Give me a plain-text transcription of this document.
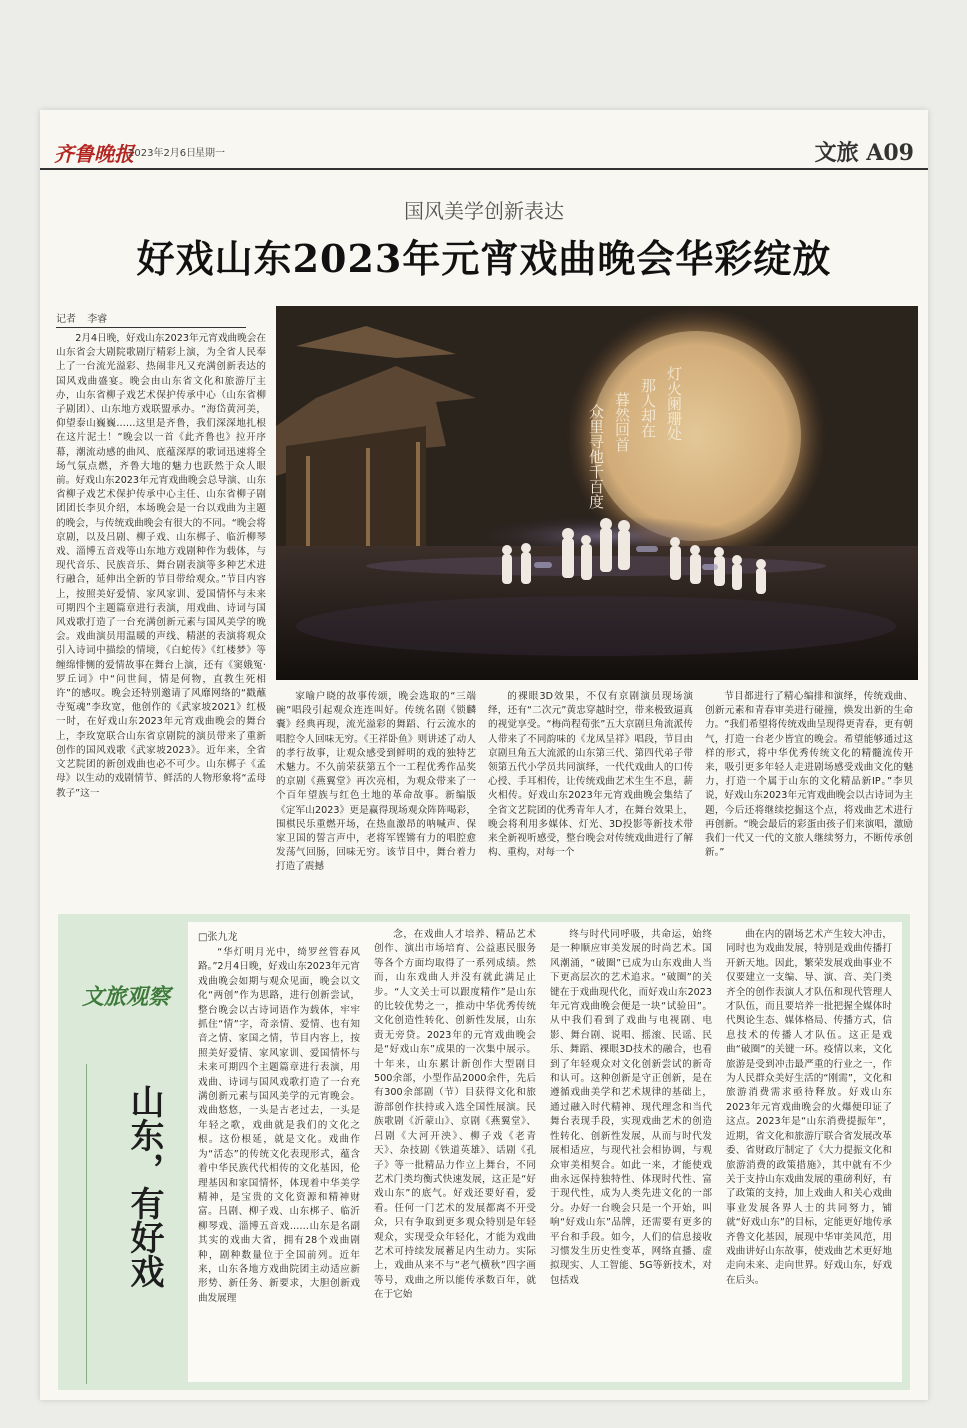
齐鲁晚报
2023年2月6日
星期一	文旅 A09
国风美学创新表达
好戏山东2023年元宵戏曲晚会华彩绽放
记者 李睿

2月4日晚，好戏山东2023年元宵戏曲晚会在山东省会大剧院歌剧厅精彩上演，为全省人民奉上了一台流光溢彩、热闹非凡又充满创新表达的国风戏曲盛宴。晚会由山东省文化和旅游厅主办，山东省柳子戏艺术保护传承中心（山东省柳子剧团）、山东地方戏联盟承办。“海岱黄河美，仰望泰山巍巍……这里是齐鲁，我们深深地扎根在这片泥土！”晚会以一首《此齐鲁也》拉开序幕，潮流动感的曲风、底蕴深厚的歌词迅速将全场气氛点燃，齐鲁大地的魅力也跃然于众人眼前。好戏山东2023年元宵戏曲晚会总导演、山东省柳子戏艺术保护传承中心主任、山东省柳子剧团团长李贝介绍，本场晚会是一台以戏曲为主题的晚会，与传统戏曲晚会有很大的不同。“晚会将京剧，以及吕剧、柳子戏、山东梆子、临沂柳琴戏、淄博五音戏等山东地方戏剧种作为载体，与现代音乐、民族音乐、舞台剧表演等多种艺术进行融合，延伸出全新的节目带给观众。”节目内容上，按照美好爱情、家风家训、爱国情怀与未来可期四个主题篇章进行表演，用戏曲、诗词与国风戏歌打造了一台充满创新元素与国风美学的晚会。戏曲演员用温暖的声线、精湛的表演将观众引入诗词中描绘的情境，《白蛇传》《红楼梦》等缠绵悱恻的爱情故事在舞台上演，还有《窦娥冤·罗丘词》中“问世间，情是何物，直教生死相许”的感叹。晚会还特别邀请了风靡网络的“戳蘸寺冤魂”李玫宽，他创作的《武家坡2021》红极一时，在好戏山东2023年元宵戏曲晚会的舞台上，李玫宽联合山东省京剧院的演员带来了重新创作的国风戏歌《武家坡2023》。近年来，全省文艺院团的新创戏曲也必不可少。山东梆子《孟母》以生动的戏剧情节、鲜活的人物形象将“孟母教子”这一

灯火阑珊处
那人却在
暮然回首
众里寻他千百度

家喻户晓的故事传颂，晚会选取的“三端碗”唱段引起观众连连叫好。传统名剧《锁麟囊》经典再现，流光溢彩的舞蹈、行云流水的唱腔令人回味无穷。《王祥卧鱼》则讲述了动人的孝行故事，让观众感受到鲜明的戏的独特艺术魅力。不久前荣获第五个一工程优秀作品奖的京剧《燕翼堂》再次亮相，为观众带来了一个百年望族与红色土地的革命故事。新编版《定军山2023》更是赢得现场观众阵阵喝彩，围棋民乐重燃开场，在热血激昂的呐喊声、保家卫国的誓言声中，老将军铿锵有力的唱腔愈发荡气回肠，回味无穷。该节目中，舞台着力打造了震撼

的裸眼3D效果，不仅有京剧演员现场演绎，还有“二次元”黄忠穿越时空，带来极致逼真的视觉享受。“梅尚程荀张”五大京剧旦角流派传人带来了不同韵味的《龙凤呈祥》唱段，节目由京剧旦角五大流派的山东第三代、第四代弟子带领第五代小学员共同演绎，一代代戏曲人的口传心授、手耳相传，让传统戏曲艺术生生不息，薪火相传。好戏山东2023年元宵戏曲晚会集结了全省文艺院团的优秀青年人才，在舞台效果上，晚会将利用多媒体、灯光、3D投影等新技术带来全新视听感受，整台晚会对传统戏曲进行了解构、重构，对每一个

节目都进行了精心编排和演绎，传统戏曲、创新元素和青春审美进行碰撞，焕发出新的生命力。“我们希望将传统戏曲呈现得更青春，更有朝气，打造一台老少皆宜的晚会。希望能够通过这样的形式，将中华优秀传统文化的精髓流传开来，吸引更多年轻人走进剧场感受戏曲文化的魅力，打造一个属于山东的文化精品新IP。”李贝说，好戏山东2023年元宵戏曲晚会以古诗词为主题，今后还将继续挖掘这个点，将戏曲艺术进行再创新。“晚会最后的彩蛋由孩子们来演唱，激励我们一代又一代的文旅人继续努力，不断传承创新。”

文旅观察
山东，有好戏
□张九龙

“华灯明月光中，绮罗丝管春风路。”2月4日晚，好戏山东2023年元宵戏曲晚会如期与观众见面，晚会以文化“两创”作为思路，进行创新尝试，整台晚会以古诗词语作为载体，牢牢抓住“情”字，奇亲情、爱情、也有知音之情、家国之情，节目内容上，按照美好爱情、家风家训、爱国情怀与未来可期四个主题篇章进行表演，用戏曲、诗词与国风戏歌打造了一台充满创新元素与国风美学的元宵晚会。戏曲悠悠，一头是古老过去，一头是年轻之歌，戏曲就是我们的文化之根。这份根延，就是文化。戏曲作为“活态”的传统文化表现形式，蕴含着中华民族代代相传的文化基因，伦理基因和家国情怀，体现着中华美学精神，是宝贵的文化资源和精神财富。吕剧、柳子戏、山东梆子、临沂柳琴戏、淄博五音戏……山东是名副其实的戏曲大省，拥有28个戏曲剧种，剧种数量位于全国前列。近年来，山东各地方戏曲院团主动适应新形势、新任务、新要求，大胆创新戏曲发展理

念，在戏曲人才培养、精品艺术创作、演出市场培育、公益惠民服务等各个方面均取得了一系列成绩。然而，山东戏曲人并没有就此满足止步。“人文关士可以跟度精作”是山东的比较优势之一，推动中华优秀传统文化创造性转化、创新性发展，山东责无旁贷。2023年的元宵戏曲晚会是“好戏山东”成果的一次集中展示。十年来，山东累计新创作大型剧目500余部，小型作品2000余件，先后有300余部剧（节）目获得文化和旅游部创作扶持或入选全国性展演。民族歌剧《沂蒙山》、京剧《燕翼堂》、吕剧《大河开泱》、柳子戏《老青天》、杂技剧《铁道英雄》、话剧《孔子》等一批精品力作立上舞台，不同艺术门类均衡式快速发展，这正是“好戏山东”的底气。好戏还要好看，爱看。任何一门艺术的发展都离不开受众，只有争取到更多观众特别是年轻观众，实现受众年轻化，才能为戏曲艺术可持续发展蓄足内生动力。实际上，戏曲从来不与“老气横秋”四字画等号，戏曲之所以能传承数百年，就在于它始

终与时代同呼吸，共命运，始终是一种顺应审美发展的时尚艺术。国风潮涌，“破圈”已成为山东戏曲人当下更高层次的艺术追求。“破圈”的关键在于戏曲现代化，而好戏山东2023年元宵戏曲晚会便是一块“试验田”。从中我们看到了戏曲与电视剧、电影、舞台剧、说唱、摇滚、民谣、民乐、舞蹈、裸眼3D技术的融合，也看到了年轻观众对文化创新尝试的新奇和认可。这种创新是守正创新，是在遵循戏曲美学和艺术规律的基础上，通过融入时代精神、现代理念和当代舞台表现手段，实现戏曲艺术的创造性转化、创新性发展，从而与时代发展相适应，与现代社会相协调，与观众审美相契合。如此一来，才能使戏曲永远保持独特性、体现时代性、富于现代性，成为人类先进文化的一部分。办好一台晚会只是一个开始，叫响“好戏山东”品牌，还需要有更多的平台和手段。如今，人们的信息接收习惯发生历史性变革，网络直播、虚拟现实、人工智能、5G等新技术，对包括戏

曲在内的剧场艺术产生较大冲击，同时也为戏曲发展，特别是戏曲传播打开新天地。因此，繁荣发展戏曲事业不仅要建立一支编、导、演、音、美门类齐全的创作表演人才队伍和现代管理人才队伍，而且要培养一批把握全媒体时代舆论生态、媒体格局、传播方式，信息技术的传播人才队伍。这正是戏曲“破圈”的关键一环。疫情以来，文化旅游是受到冲击最严重的行业之一，作为人民群众美好生活的“刚需”，文化和旅游消费需求亟待释放。好戏山东2023年元宵戏曲晚会的火爆便印证了这点。2023年是“山东消费提振年”，近期，省文化和旅游厅联合省发展改革委、省财政厅制定了《大力提振文化和旅游消费的政策措施》，其中就有不少关于支持山东戏曲发展的重磅利好，有了政策的支持，加上戏曲人和关心戏曲事业发展各界人士的共同努力，铺就“好戏山东”的目标，定能更好地传承齐鲁文化基因，展现中华审美风范，用戏曲讲好山东故事，使戏曲艺术更好地走向未来、走向世界。好戏山东，好戏在后头。
